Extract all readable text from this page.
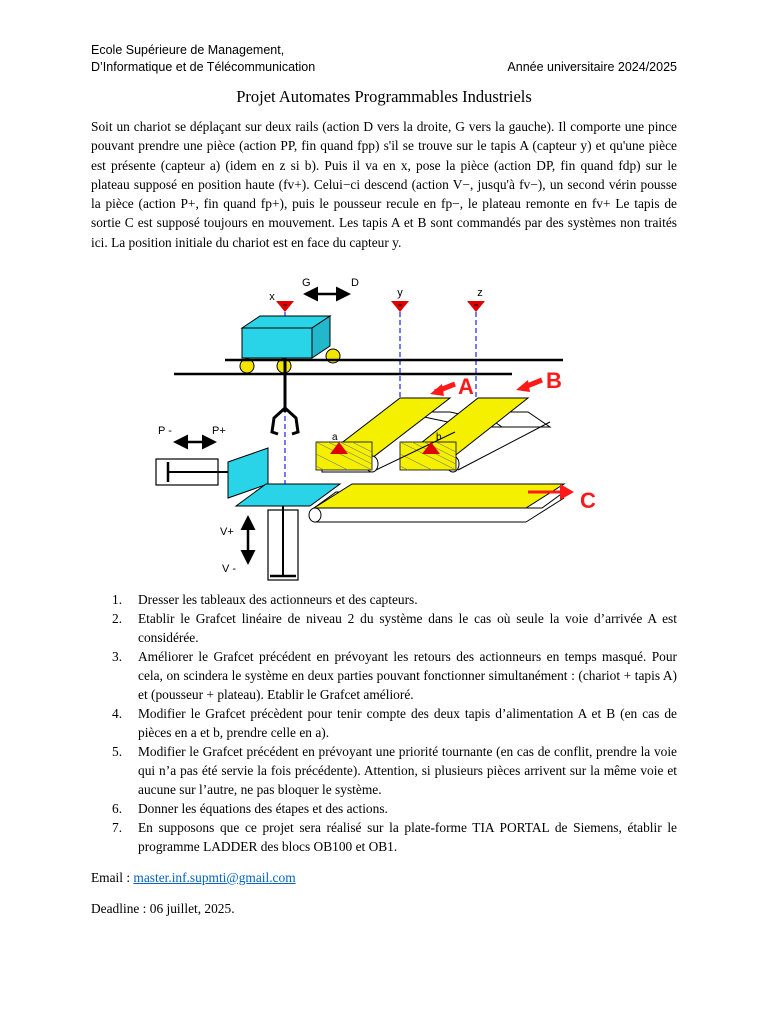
Ecole Supérieure de Management,
D’Informatique et de Télécommunication	Année universitaire 2024/2025
Projet Automates Programmables Industriels

Soit un chariot se déplaçant sur deux rails (action D vers la droite, G vers la gauche). Il comporte une pince pouvant prendre une pièce (action PP, fin quand fpp) s'il se trouve sur le tapis A (capteur y) et qu'une pièce est présente (capteur a) (idem en z si b). Puis il va en x, pose la pièce (action DP, fin quand fdp) sur le plateau supposé en position haute (fv+). Celui−ci descend (action V−, jusqu'à fv−), un second vérin pousse la pièce (action P+, fin quand fp+), puis le pousseur recule en fp−, le plateau remonte en fv+ Le tapis de sortie C est supposé toujours en mouvement. Les tapis A et B sont commandés par des systèmes non traités ici. La position initiale du chariot est en face du capteur y.

x	y	z
G	D
a	b
A	B
P -	P+
V+
V -
C
1. Dresser les tableaux des actionneurs et des capteurs.
2. Etablir le Grafcet linéaire de niveau 2 du système dans le cas où seule la voie d’arrivée A est considérée.
3. Améliorer le Grafcet précédent en prévoyant les retours des actionneurs en temps masqué. Pour cela, on scindera le système en deux parties pouvant fonctionner simultanément : (chariot + tapis A) et (pousseur + plateau). Etablir le Grafcet amélioré.
4. Modifier le Grafcet précèdent pour tenir compte des deux tapis d’alimentation A et B (en cas de pièces en a et b, prendre celle en a).
5. Modifier le Grafcet précédent en prévoyant une priorité tournante (en cas de conflit, prendre la voie qui n’a pas été servie la fois précédente). Attention, si plusieurs pièces arrivent sur la même voie et aucune sur l’autre, ne pas bloquer le système.
6. Donner les équations des étapes et des actions.
7. En supposons que ce projet sera réalisé sur la plate-forme TIA PORTAL de Siemens, établir le programme LADDER des blocs OB100 et OB1.
Email : master.inf.supmti@gmail.com
Deadline : 06 juillet, 2025.
